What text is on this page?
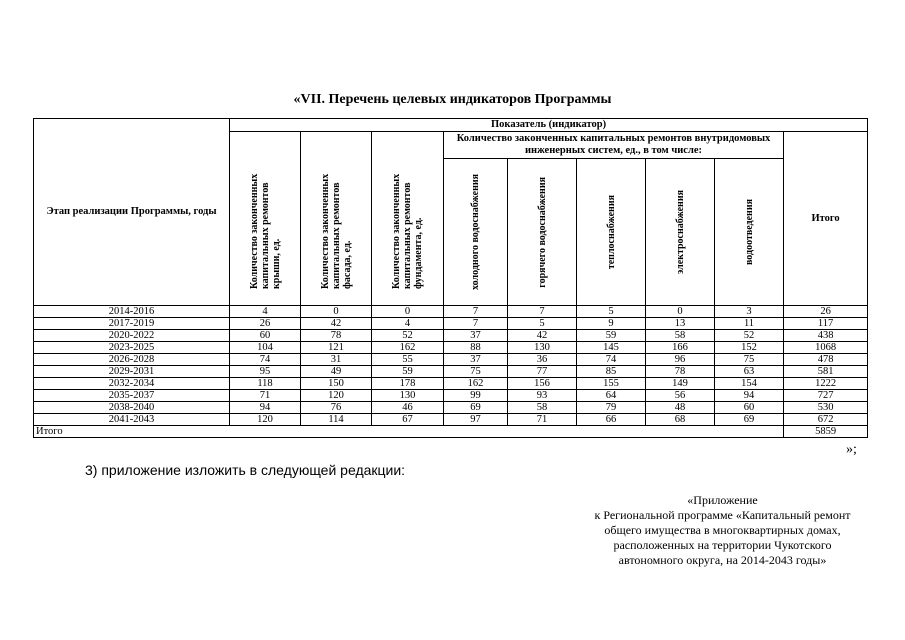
«VII. Перечень целевых индикаторов Программы
Этап реализации Программы, годы	Показатель (индикатор)								

	Количество законченных капитальных ремонтов крыши, ед.	Количество законченных капитальных ремонтов фасада, ед.	Количество законченных капитальных ремонтов фундамента, ед.	Количество законченных капитальных ремонтов внутридомовых инженерных систем, ед., в том числе:					Итого

				холодного водоснабжения	горячего водоснабжения	теплоснабжения	электроснабжения	водоотведения	

2014-2016	4	0	0	7	7	5	0	3	26
2017-2019	26	42	4	7	5	9	13	11	117
2020-2022	60	78	52	37	42	59	58	52	438
2023-2025	104	121	162	88	130	145	166	152	1068
2026-2028	74	31	55	37	36	74	96	75	478
2029-2031	95	49	59	75	77	85	78	63	581
2032-2034	118	150	178	162	156	155	149	154	1222
2035-2037	71	120	130	99	93	64	56	94	727
2038-2040	94	76	46	69	58	79	48	60	530
2041-2043	120	114	67	97	71	66	68	69	672
Итого									5859
»;
3) приложение изложить в следующей редакции:
«Приложение
к Региональной программе «Капитальный ремонт
общего имущества в многоквартирных домах,
расположенных на территории Чукотского
автономного округа, на 2014-2043 годы»
